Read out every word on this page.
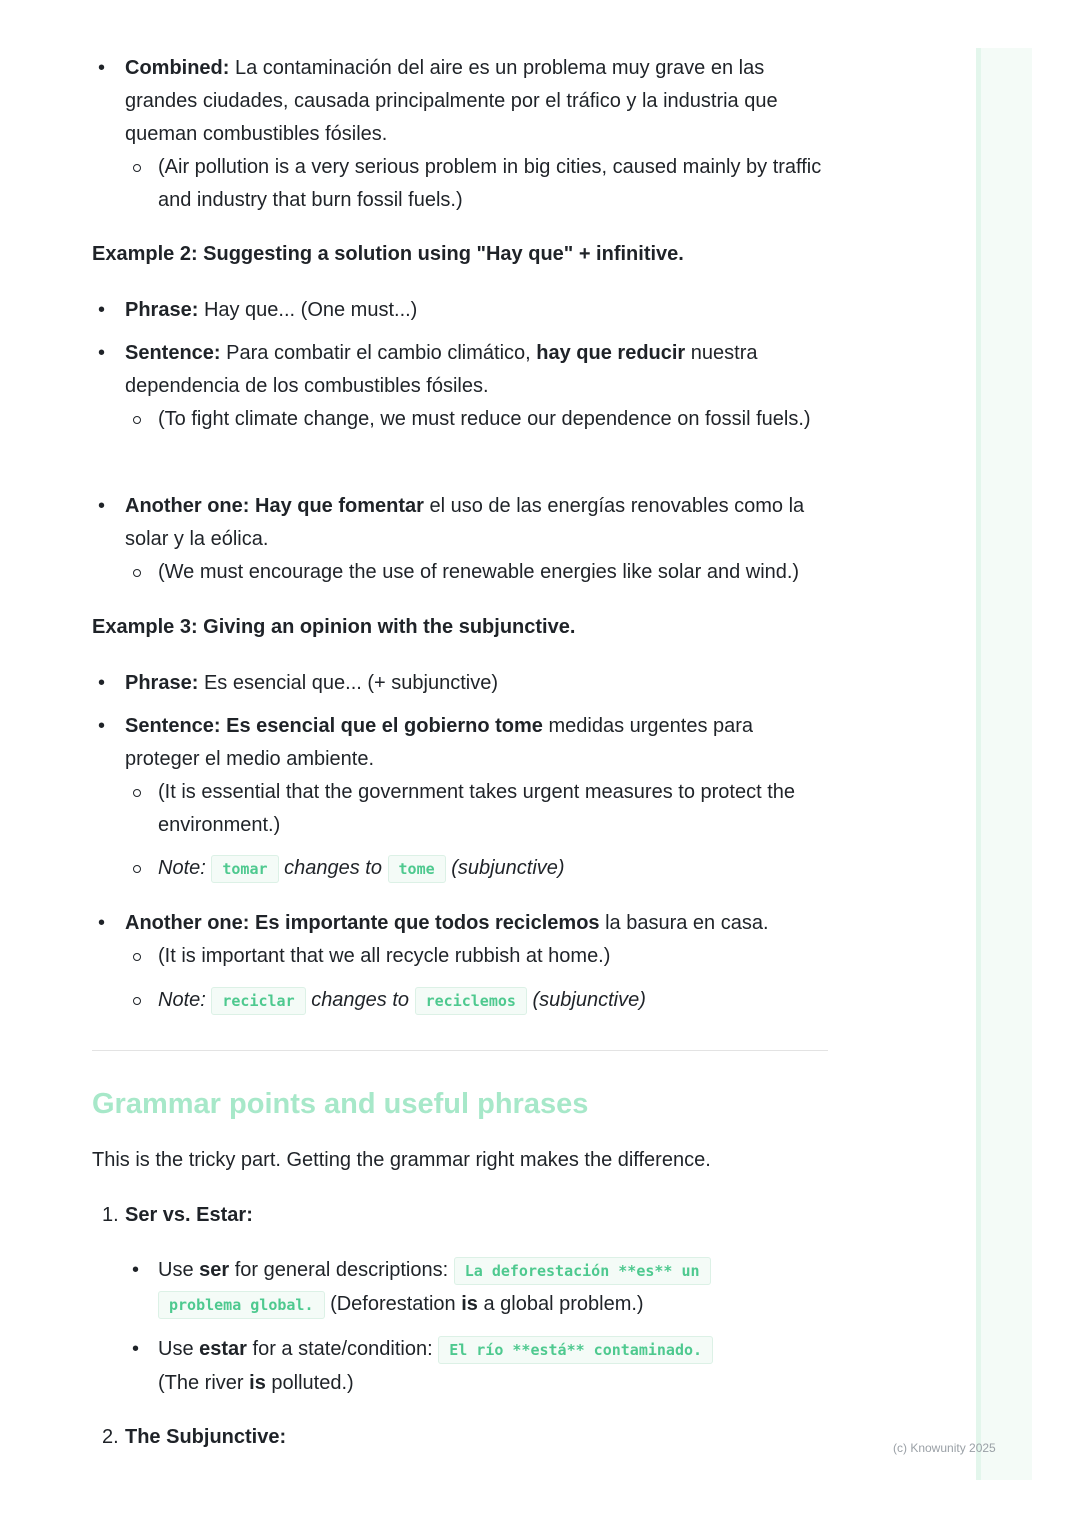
• Combined: La contaminación del aire es un problema muy grave en las grandes ciudades, causada principalmente por el tráfico y la industria que queman combustibles fósiles.
(Air pollution is a very serious problem in big cities, caused mainly by traffic and industry that burn fossil fuels.)
Example 2: Suggesting a solution using "Hay que" + infinitive.
• Phrase: Hay que... (One must...)
• Sentence: Para combatir el cambio climático, hay que reducir nuestra dependencia de los combustibles fósiles.
(To fight climate change, we must reduce our dependence on fossil fuels.)
• Another one: Hay que fomentar el uso de las energías renovables como la solar y la eólica.
(We must encourage the use of renewable energies like solar and wind.)
Example 3: Giving an opinion with the subjunctive.
• Phrase: Es esencial que... (+ subjunctive)
• Sentence: Es esencial que el gobierno tome medidas urgentes para proteger el medio ambiente.
(It is essential that the government takes urgent measures to protect the environment.)
Note: tomar changes to tome (subjunctive)
• Another one: Es importante que todos reciclemos la basura en casa.
(It is important that we all recycle rubbish at home.)
Note: reciclar changes to reciclemos (subjunctive)
Grammar points and useful phrases
This is the tricky part. Getting the grammar right makes the difference.
1. Ser vs. Estar:
• Use ser for general descriptions: La deforestación **es** un
problema global. (Deforestation is a global problem.)
• Use estar for a state/condition: El río **está** contaminado.
(The river is polluted.)
2. The Subjunctive:	(c) Knowunity 2025
